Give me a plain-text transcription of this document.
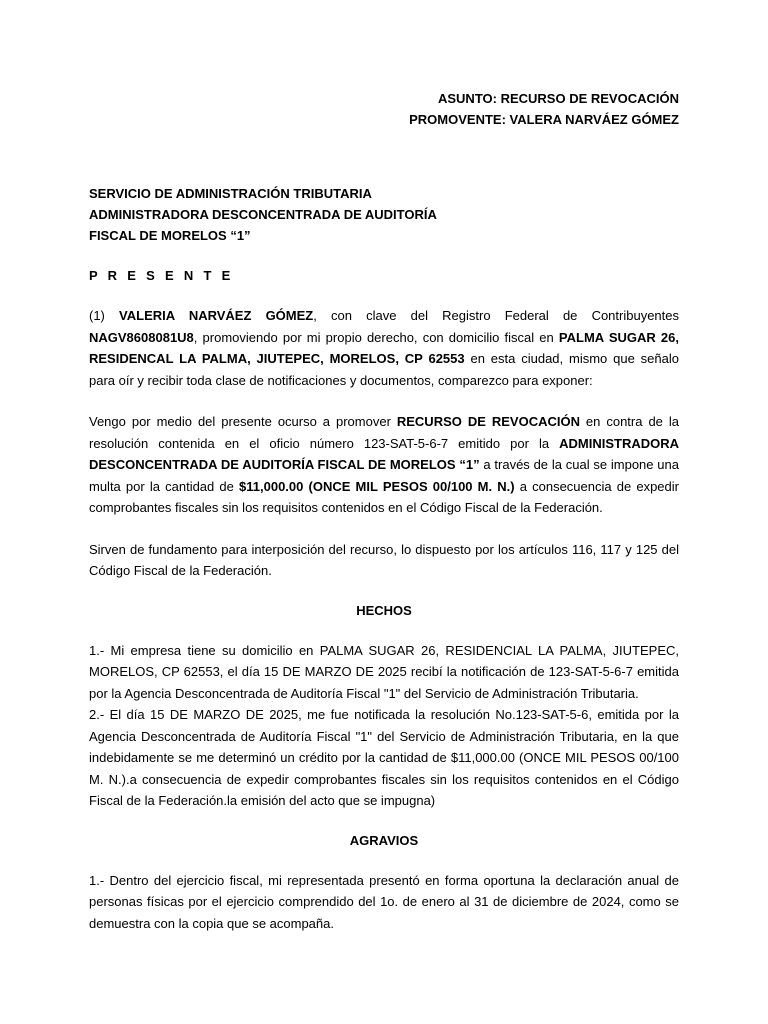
ASUNTO: RECURSO DE REVOCACIÓN
PROMOVENTE: VALERA NARVÁEZ GÓMEZ
SERVICIO DE ADMINISTRACIÓN TRIBUTARIA
ADMINISTRADORA DESCONCENTRADA DE AUDITORÍA
FISCAL DE MORELOS “1”
P R E S E N T E

(1) VALERIA NARVÁEZ GÓMEZ, con clave del Registro Federal de Contribuyentes NAGV8608081U8, promoviendo por mi propio derecho, con domicilio fiscal en PALMA SUGAR 26, RESIDENCAL LA PALMA, JIUTEPEC, MORELOS, CP 62553 en esta ciudad, mismo que señalo para oír y recibir toda clase de notificaciones y documentos, comparezco para exponer:

Vengo por medio del presente ocurso a promover RECURSO DE REVOCACIÓN en contra de la resolución contenida en el oficio número 123-SAT-5-6-7 emitido por la ADMINISTRADORA DESCONCENTRADA DE AUDITORÍA FISCAL DE MORELOS “1” a través de la cual se impone una multa por la cantidad de $11,000.00 (ONCE MIL PESOS 00/100 M. N.) a consecuencia de expedir comprobantes fiscales sin los requisitos contenidos en el Código Fiscal de la Federación.

Sirven de fundamento para interposición del recurso, lo dispuesto por los artículos 116, 117 y 125 del Código Fiscal de la Federación.

HECHOS

1.- Mi empresa tiene su domicilio en PALMA SUGAR 26, RESIDENCIAL LA PALMA, JIUTEPEC, MORELOS, CP 62553, el día 15 DE MARZO DE 2025 recibí la notificación de 123-SAT-5-6-7 emitida por la Agencia Desconcentrada de Auditoría Fiscal "1" del Servicio de Administración Tributaria.

2.- El día 15 DE MARZO DE 2025, me fue notificada la resolución No.123-SAT-5-6, emitida por la Agencia Desconcentrada de Auditoría Fiscal "1" del Servicio de Administración Tributaria, en la que indebidamente se me determinó un crédito por la cantidad de $11,000.00 (ONCE MIL PESOS 00/100 M. N.).a consecuencia de expedir comprobantes fiscales sin los requisitos contenidos en el Código Fiscal de la Federación.la emisión del acto que se impugna)

AGRAVIOS

1.- Dentro del ejercicio fiscal, mi representada presentó en forma oportuna la declaración anual de personas físicas por el ejercicio comprendido del 1o. de enero al 31 de diciembre de 2024, como se demuestra con la copia que se acompaña.
